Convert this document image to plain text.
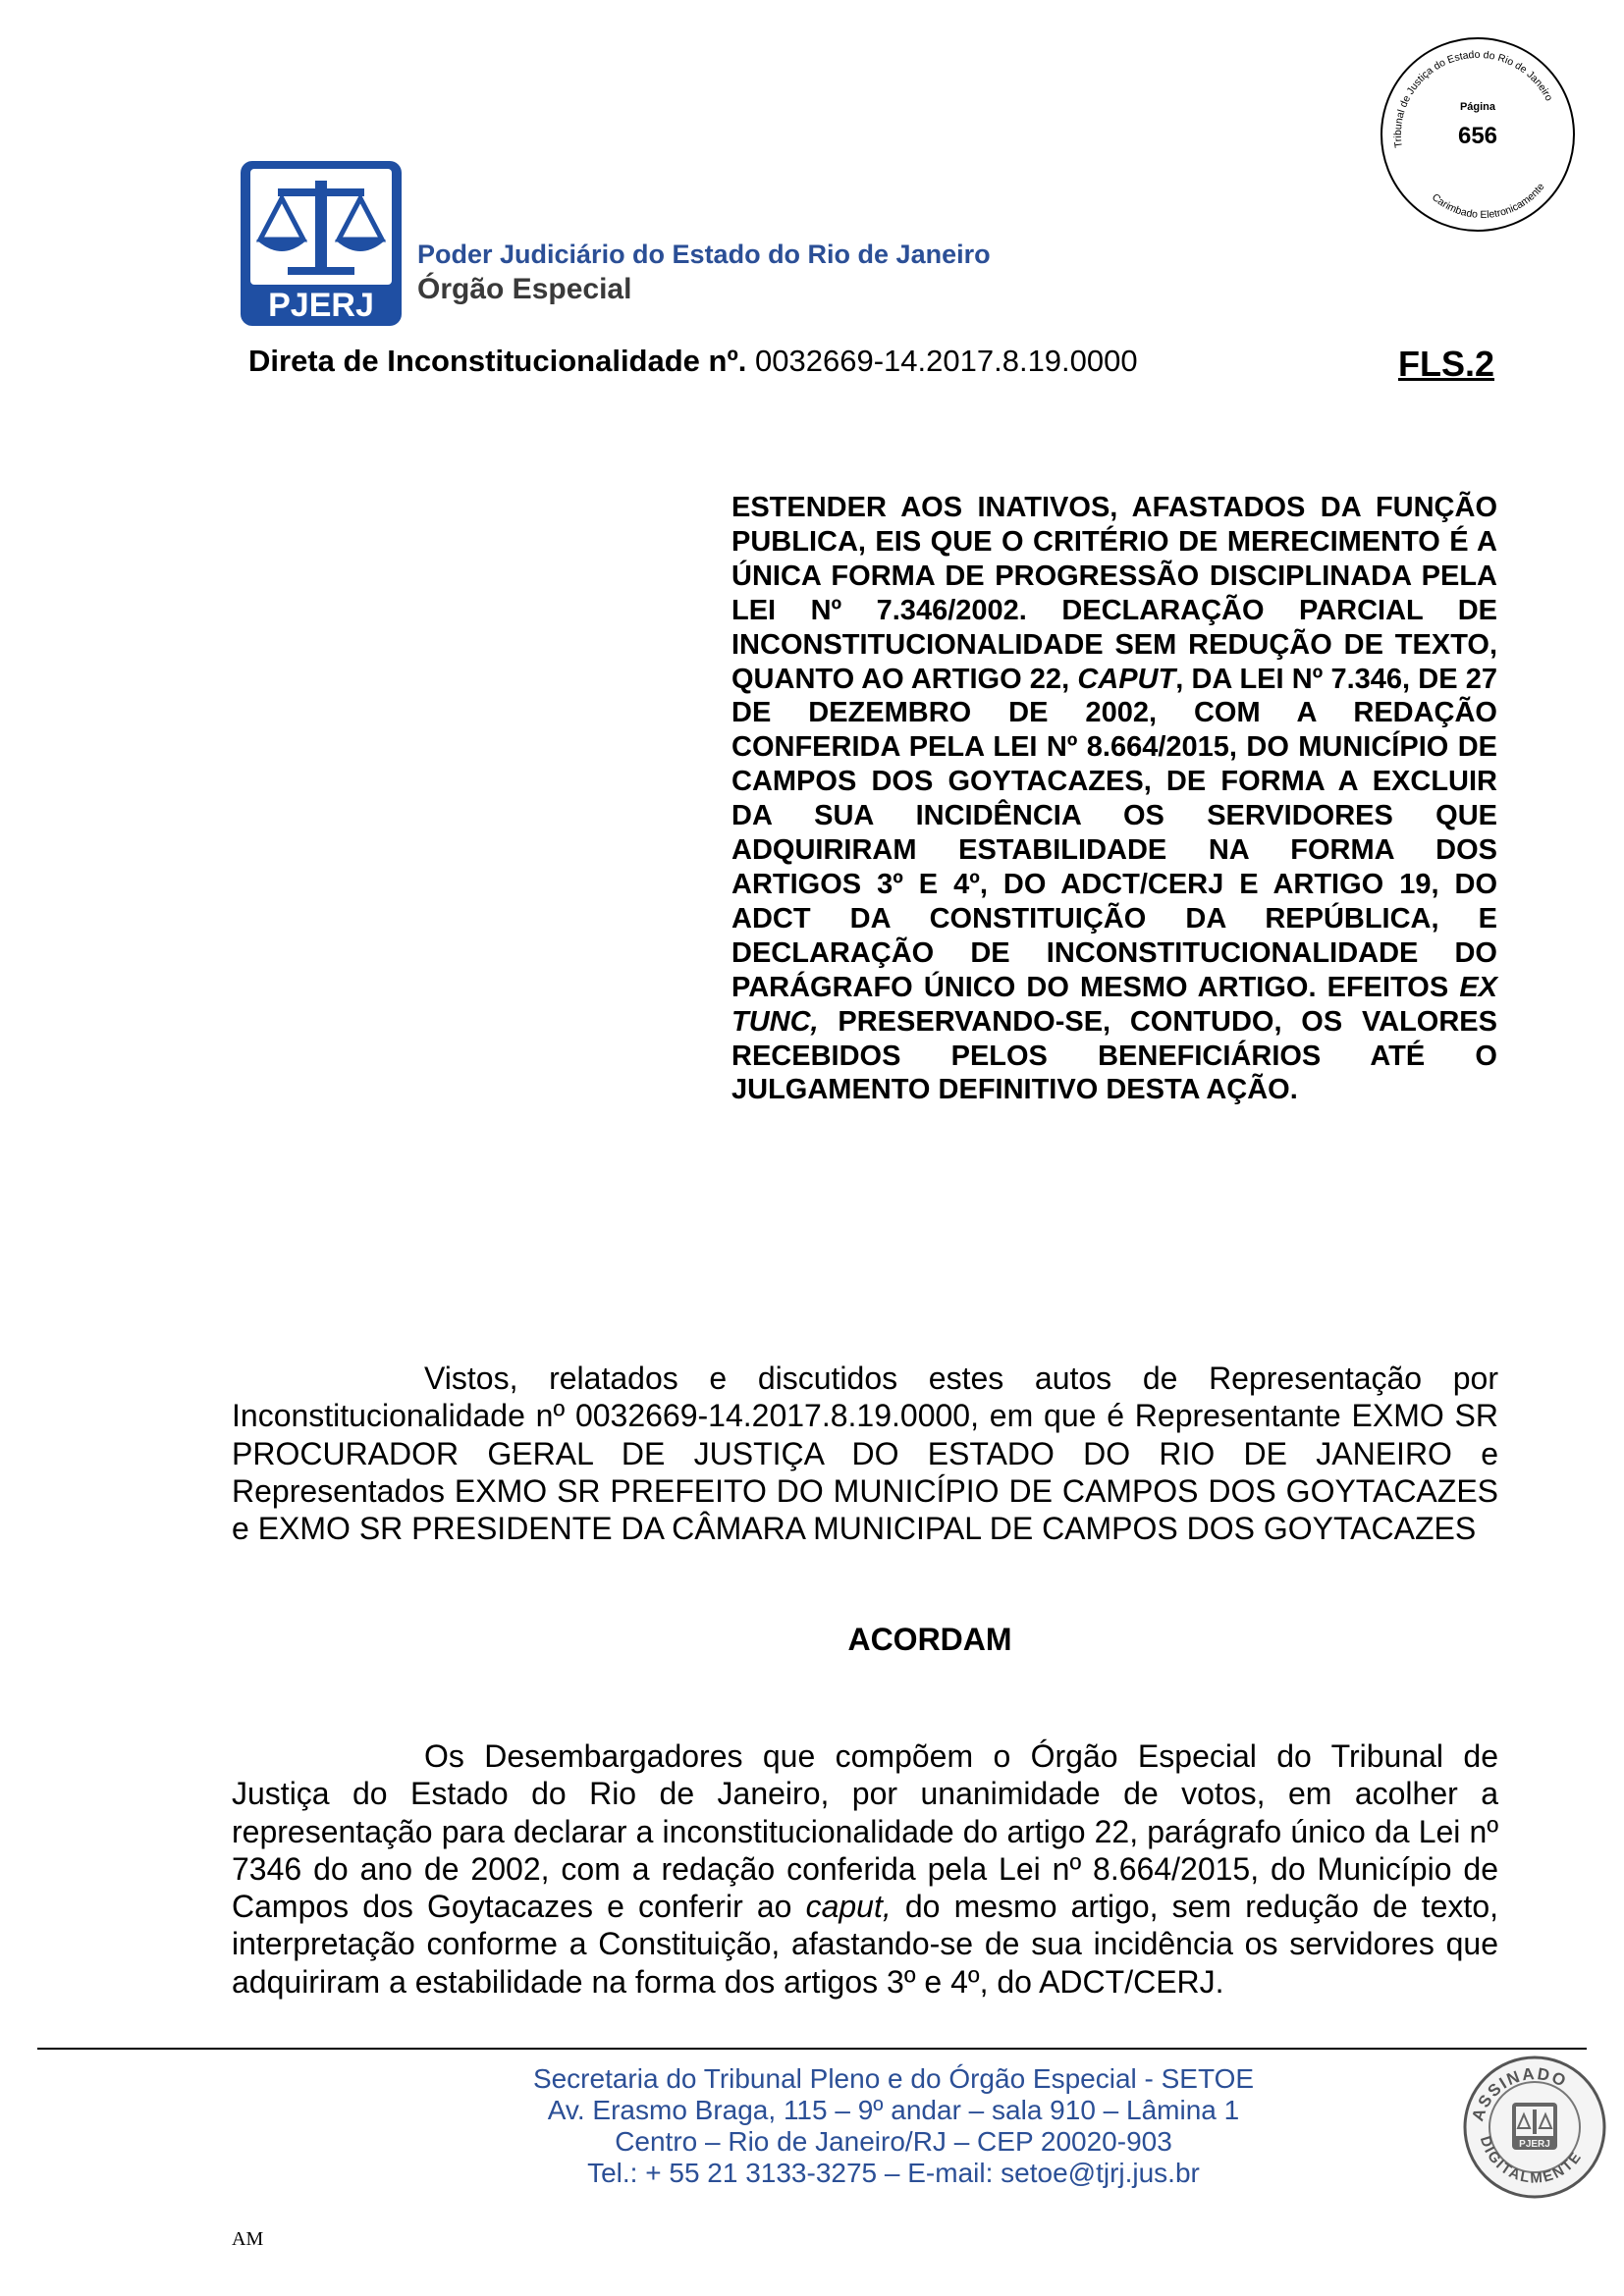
Tribunal de Justiça do Estado do Rio de Janeiro
Página
656
Carimbado Eletronicamente
PJERJ
Poder Judiciário do Estado do Rio de Janeiro
Órgão Especial
Direta de Inconstitucionalidade nº. 0032669-14.2017.8.19.0000	FLS.2
ESTENDER AOS INATIVOS, AFASTADOS DA FUNÇÃO PUBLICA, EIS QUE O CRITÉRIO DE MERECIMENTO É A ÚNICA FORMA DE PROGRESSÃO DISCIPLINADA PELA LEI Nº 7.346/2002. DECLARAÇÃO PARCIAL DE INCONSTITUCIONALIDADE SEM REDUÇÃO DE TEXTO, QUANTO AO ARTIGO 22, CAPUT, DA LEI Nº 7.346, DE 27 DE DEZEMBRO DE 2002, COM A REDAÇÃO CONFERIDA PELA LEI Nº 8.664/2015, DO MUNICÍPIO DE CAMPOS DOS GOYTACAZES, DE FORMA A EXCLUIR DA SUA INCIDÊNCIA OS SERVIDORES QUE ADQUIRIRAM ESTABILIDADE NA FORMA DOS ARTIGOS 3º E 4º, DO ADCT/CERJ E ARTIGO 19, DO ADCT DA CONSTITUIÇÃO DA REPÚBLICA, E DECLARAÇÃO DE INCONSTITUCIONALIDADE DO PARÁGRAFO ÚNICO DO MESMO ARTIGO. EFEITOS EX TUNC, PRESERVANDO-SE, CONTUDO, OS VALORES RECEBIDOS PELOS BENEFICIÁRIOS ATÉ O JULGAMENTO DEFINITIVO DESTA AÇÃO.
Vistos, relatados e discutidos estes autos de Representação por Inconstitucionalidade nº 0032669-14.2017.8.19.0000, em que é Representante EXMO SR PROCURADOR GERAL DE JUSTIÇA DO ESTADO DO RIO DE JANEIRO e Representados EXMO SR PREFEITO DO MUNICÍPIO DE CAMPOS DOS GOYTACAZES e EXMO SR PRESIDENTE DA CÂMARA MUNICIPAL DE CAMPOS DOS GOYTACAZES
ACORDAM
Os Desembargadores que compõem o Órgão Especial do Tribunal de Justiça do Estado do Rio de Janeiro, por unanimidade de votos, em acolher a representação para declarar a inconstitucionalidade do artigo 22, parágrafo único da Lei nº 7346 do ano de 2002, com a redação conferida pela Lei nº 8.664/2015, do Município de Campos dos Goytacazes e conferir ao caput, do mesmo artigo, sem redução de texto, interpretação conforme a Constituição, afastando-se de sua incidência os servidores que adquiriram a estabilidade na forma dos artigos 3º e 4º, do ADCT/CERJ.
Secretaria do Tribunal Pleno e do Órgão Especial - SETOE
Av. Erasmo Braga, 115 – 9º andar – sala 910 – Lâmina 1
Centro – Rio de Janeiro/RJ – CEP 20020-903
Tel.: + 55 21 3133-3275 – E-mail: setoe@tjrj.jus.br
ASSINADO
DIGITALMENTE
PJERJ
AM
